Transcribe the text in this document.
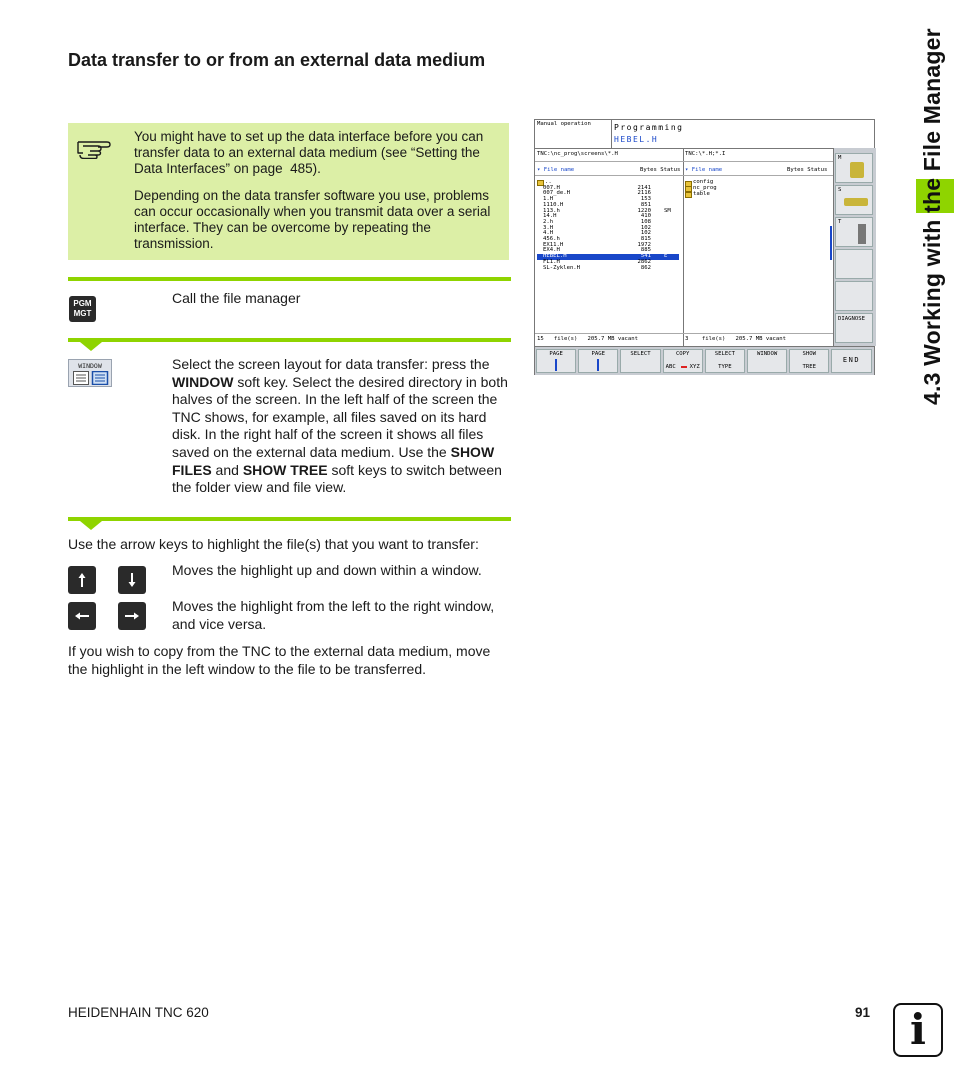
Data transfer to or from an external data medium

You might have to set up the data interface before you can transfer data to an external data medium (see “Setting the Data Interfaces” on page  485).

Depending on the data transfer software you use, problems can occur occasionally when you transmit data over a serial interface. They can be overcome by repeating the transmission.

PGM
MGT
Call the file manager
WINDOW	Select the screen layout for data transfer: press the WINDOW soft key. Select the desired directory in both halves of the screen. In the left half of the screen the TNC shows, for example, all files saved on its hard disk. In the right half of the screen it shows all files saved on the external data medium. Use the SHOW FILES and SHOW TREE soft keys to switch between the folder view and file view.
Use the arrow keys to highlight the file(s) that you want to transfer:
Moves the highlight up and down within a window.
Moves the highlight from the left to the right window, and vice versa.
If you wish to copy from the TNC to the external data medium, move the highlight in the left window to the file to be transferred.
Manual operation	Programming
HEBEL.H
M
S
T
DIAGNOSE
TNC:\nc_prog\screens\*.H
▾ File name	Bytes Status
..
007.H	2141
007_de.H	2116
1.H	153
1110.H	851
113.h	1220 SM
14.H	410
2.h	108
3.H	102
4.H	102
456.h	815
EX11.H	1972
EX4.H	885
HEBEL.H	541 E
FL1.H	2862
SL-Zyklen.H	862
15   file(s)   205.7 MB vacant
TNC:\*.H;*.I
▾ File name	Bytes Status
config
nc_prog
table
3    file(s)   205.7 MB vacant
PAGE	PAGE	SELECT	COPY
ABC XYZ
SELECT
TYPE
WINDOW	SHOW
TREE
END	4.3 Working with the File Manager
HEIDENHAIN TNC 620	91 i
